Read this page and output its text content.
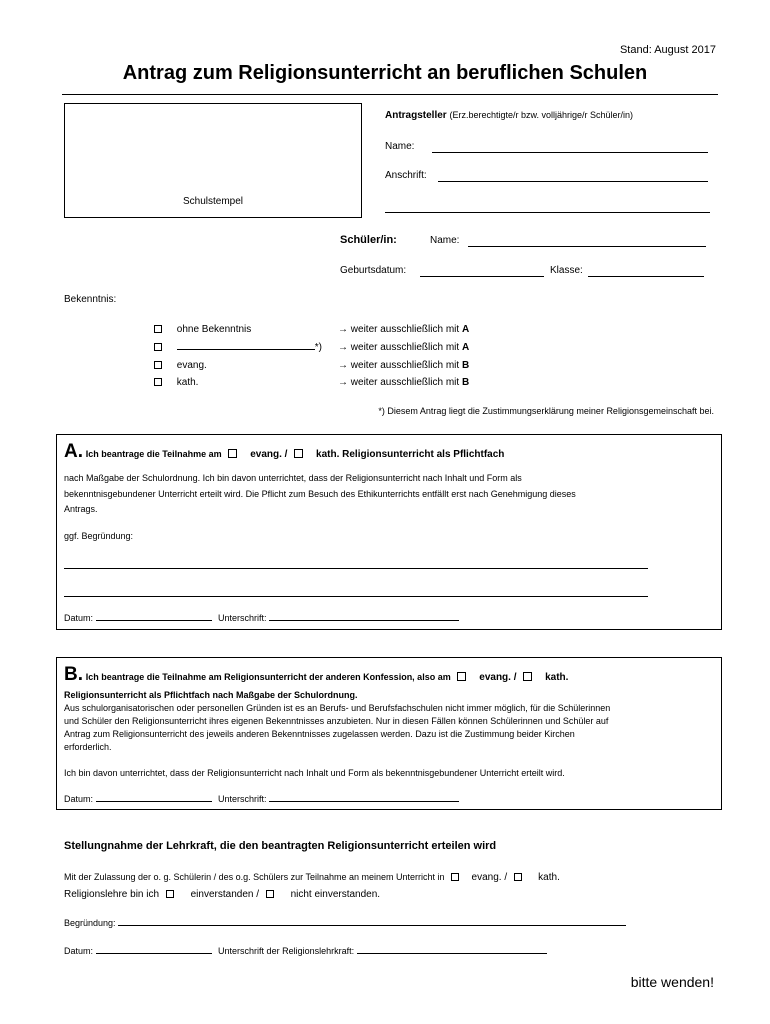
Stand: August 2017
Antrag zum Religionsunterricht an beruflichen Schulen
Schulstempel
Antragsteller (Erz.berechtigte/r bzw. volljährige/r Schüler/in)
Name:
Anschrift:
Schüler/in:	Name:
Geburtsdatum:	Klasse:
Bekenntnis:
ohne Bekenntnis	→ weiter ausschließlich mit A
*) → weiter ausschließlich mit A
evang.	→ weiter ausschließlich mit B
kath.	→ weiter ausschließlich mit B
*) Diesem Antrag liegt die Zustimmungserklärung meiner Religionsgemeinschaft bei.
A. Ich beantrage die Teilnahme am	evang. /	kath. Religionsunterricht als Pflichtfach
nach Maßgabe der Schulordnung. Ich bin davon unterrichtet, dass der Religionsunterricht nach Inhalt und Form als
bekenntnisgebundener Unterricht erteilt wird. Die Pflicht zum Besuch des Ethikunterrichts entfällt erst nach Genehmigung dieses
Antrags.
ggf. Begründung:
Datum:	Unterschrift:
B. Ich beantrage die Teilnahme am Religionsunterricht der anderen Konfession, also am	evang. /	kath.
Religionsunterricht als Pflichtfach nach Maßgabe der Schulordnung.
Aus schulorganisatorischen oder personellen Gründen ist es an Berufs- und Berufsfachschulen nicht immer möglich, für die Schülerinnen
und Schüler den Religionsunterricht ihres eigenen Bekenntnisses anzubieten. Nur in diesen Fällen können Schülerinnen und Schüler auf
Antrag zum Religionsunterricht des jeweils anderen Bekenntnisses zugelassen werden. Dazu ist die Zustimmung beider Kirchen
erforderlich.
Ich bin davon unterrichtet, dass der Religionsunterricht nach Inhalt und Form als bekenntnisgebundener Unterricht erteilt wird.
Datum:	Unterschrift:
Stellungnahme der Lehrkraft, die den beantragten Religionsunterricht erteilen wird
Mit der Zulassung der o. g. Schülerin / des o.g. Schülers zur Teilnahme an meinem Unterricht in	evang. /	kath.
Religionslehre bin ich	einverstanden /	nicht einverstanden.
Begründung:
Datum:	Unterschrift der Religionslehrkraft:
bitte wenden!
